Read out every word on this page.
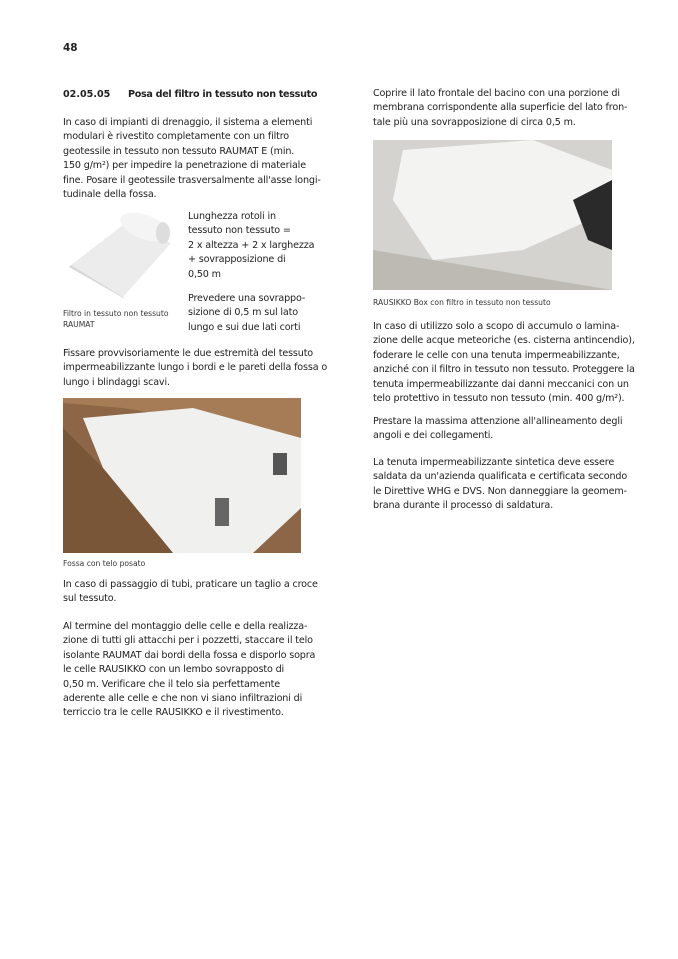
48
02.05.05 Posa del filtro in tessuto non tessuto
In caso di impianti di drenaggio, il sistema a elementi
modulari è rivestito completamente con un filtro
geotessile in tessuto non tessuto RAUMAT E (min.
150 g/m²) per impedire la penetrazione di materiale
fine. Posare il geotessile trasversalmente all'asse longi-
tudinale della fossa.
Lunghezza rotoli in
tessuto non tessuto =
2 x altezza + 2 x larghezza
+ sovrapposizione di
0,50 m
Prevedere una sovrappo-
sizione di 0,5 m sul lato
lungo e sui due lati corti
Filtro in tessuto non tessuto
RAUMAT
Fissare provvisoriamente le due estremità del tessuto
impermeabilizzante lungo i bordi e le pareti della fossa o
lungo i blindaggi scavi.
Fossa con telo posato
In caso di passaggio di tubi, praticare un taglio a croce
sul tessuto.
Al termine del montaggio delle celle e della realizza-
zione di tutti gli attacchi per i pozzetti, staccare il telo
isolante RAUMAT dai bordi della fossa e disporlo sopra
le celle RAUSIKKO con un lembo sovrapposto di
0,50 m. Verificare che il telo sia perfettamente
aderente alle celle e che non vi siano infiltrazioni di
terriccio tra le celle RAUSIKKO e il rivestimento.
Coprire il lato frontale del bacino con una porzione di
membrana corrispondente alla superficie del lato fron-
tale più una sovrapposizione di circa 0,5 m.
RAUSIKKO Box con filtro in tessuto non tessuto
In caso di utilizzo solo a scopo di accumulo o lamina-
zione delle acque meteoriche (es. cisterna antincendio),
foderare le celle con una tenuta impermeabilizzante,
anziché con il filtro in tessuto non tessuto. Proteggere la
tenuta impermeabilizzante dai danni meccanici con un
telo protettivo in tessuto non tessuto (min. 400 g/m²).
Prestare la massima attenzione all'allineamento degli
angoli e dei collegamenti.
La tenuta impermeabilizzante sintetica deve essere
saldata da un'azienda qualificata e certificata secondo
le Direttive WHG e DVS. Non danneggiare la geomem-
brana durante il processo di saldatura.
